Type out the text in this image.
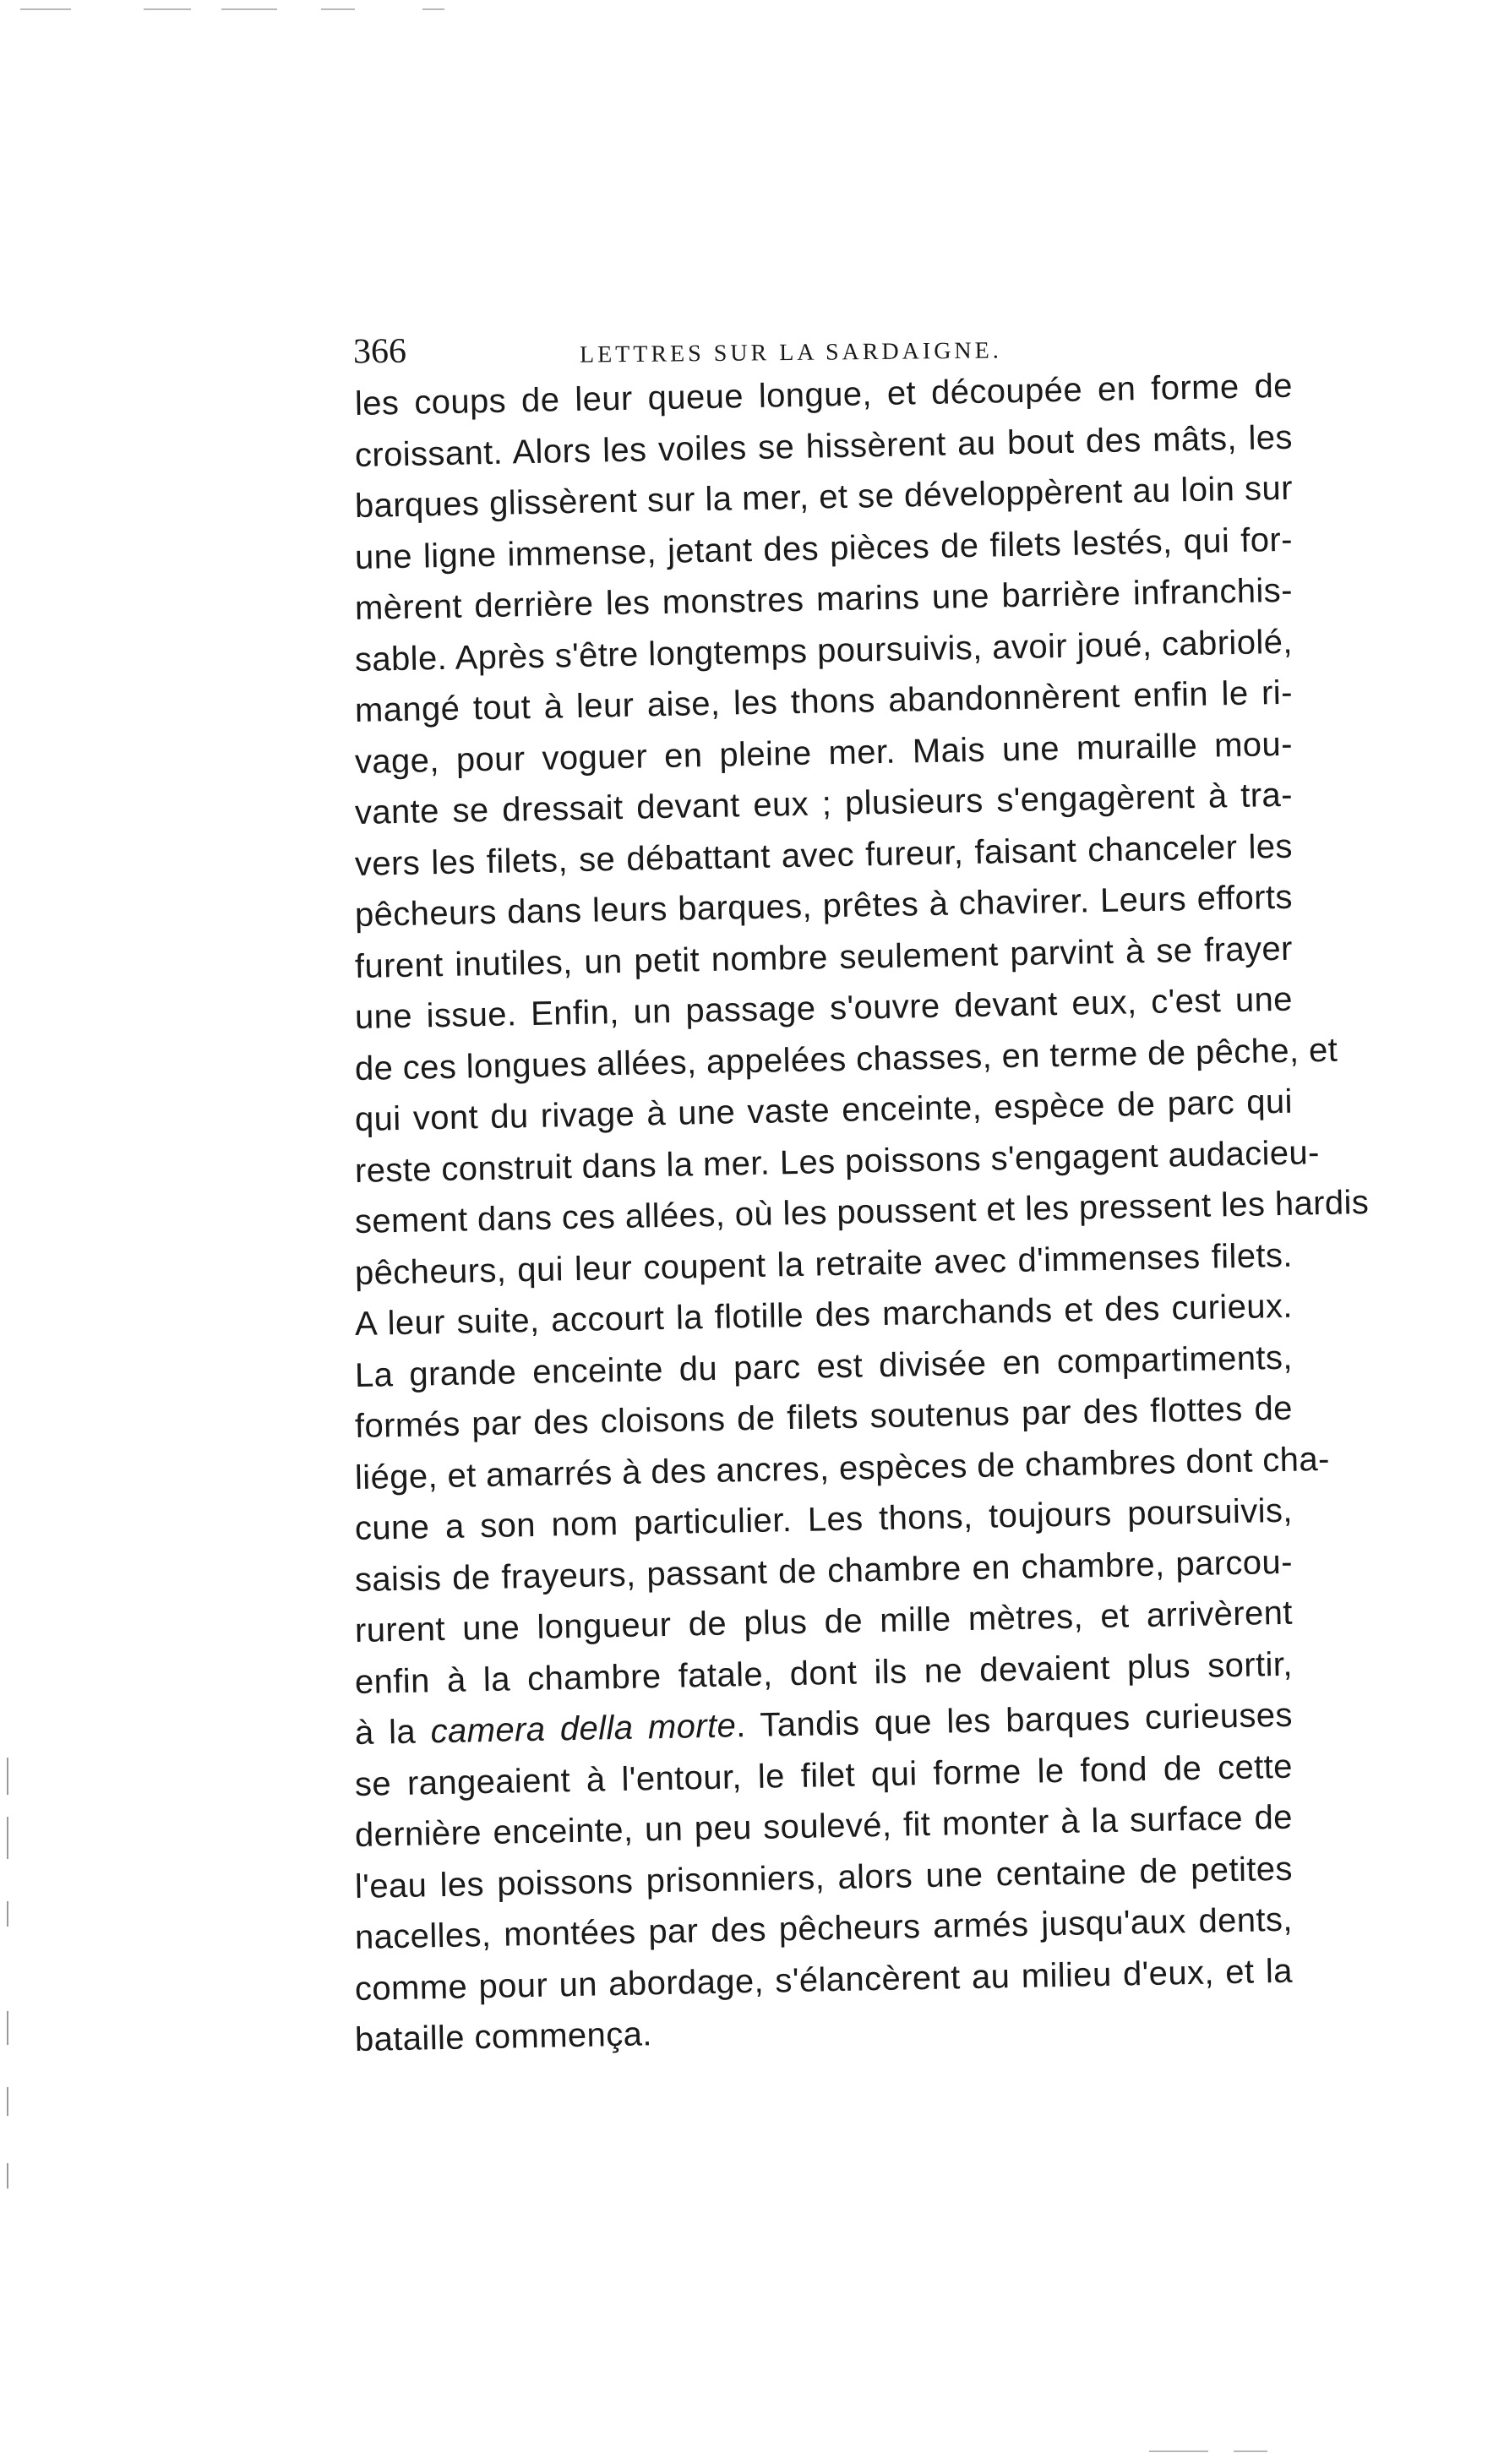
366	LETTRES SUR LA SARDAIGNE.
les coups de leur queue longue, et découpée en forme de
croissant. Alors les voiles se hissèrent au bout des mâts, les
barques glissèrent sur la mer, et se développèrent au loin sur
une ligne immense, jetant des pièces de filets lestés, qui for-
mèrent derrière les monstres marins une barrière infranchis-
sable. Après s'être longtemps poursuivis, avoir joué, cabriolé,
mangé tout à leur aise, les thons abandonnèrent enfin le ri-
vage, pour voguer en pleine mer. Mais une muraille mou-
vante se dressait devant eux ; plusieurs s'engagèrent à tra-
vers les filets, se débattant avec fureur, faisant chanceler les
pêcheurs dans leurs barques, prêtes à chavirer. Leurs efforts
furent inutiles, un petit nombre seulement parvint à se frayer
une issue. Enfin, un passage s'ouvre devant eux, c'est une
de ces longues allées, appelées chasses, en terme de pêche, et
qui vont du rivage à une vaste enceinte, espèce de parc qui
reste construit dans la mer. Les poissons s'engagent audacieu-
sement dans ces allées, où les poussent et les pressent les hardis
pêcheurs, qui leur coupent la retraite avec d'immenses filets.
A leur suite, accourt la flotille des marchands et des curieux.
La grande enceinte du parc est divisée en compartiments,
formés par des cloisons de filets soutenus par des flottes de
liége, et amarrés à des ancres, espèces de chambres dont cha-
cune a son nom particulier. Les thons, toujours poursuivis,
saisis de frayeurs, passant de chambre en chambre, parcou-
rurent une longueur de plus de mille mètres, et arrivèrent
enfin à la chambre fatale, dont ils ne devaient plus sortir,
à la camera della morte. Tandis que les barques curieuses
se rangeaient à l'entour, le filet qui forme le fond de cette
dernière enceinte, un peu soulevé, fit monter à la surface de
l'eau les poissons prisonniers, alors une centaine de petites
nacelles, montées par des pêcheurs armés jusqu'aux dents,
comme pour un abordage, s'élancèrent au milieu d'eux, et la
bataille commença.
